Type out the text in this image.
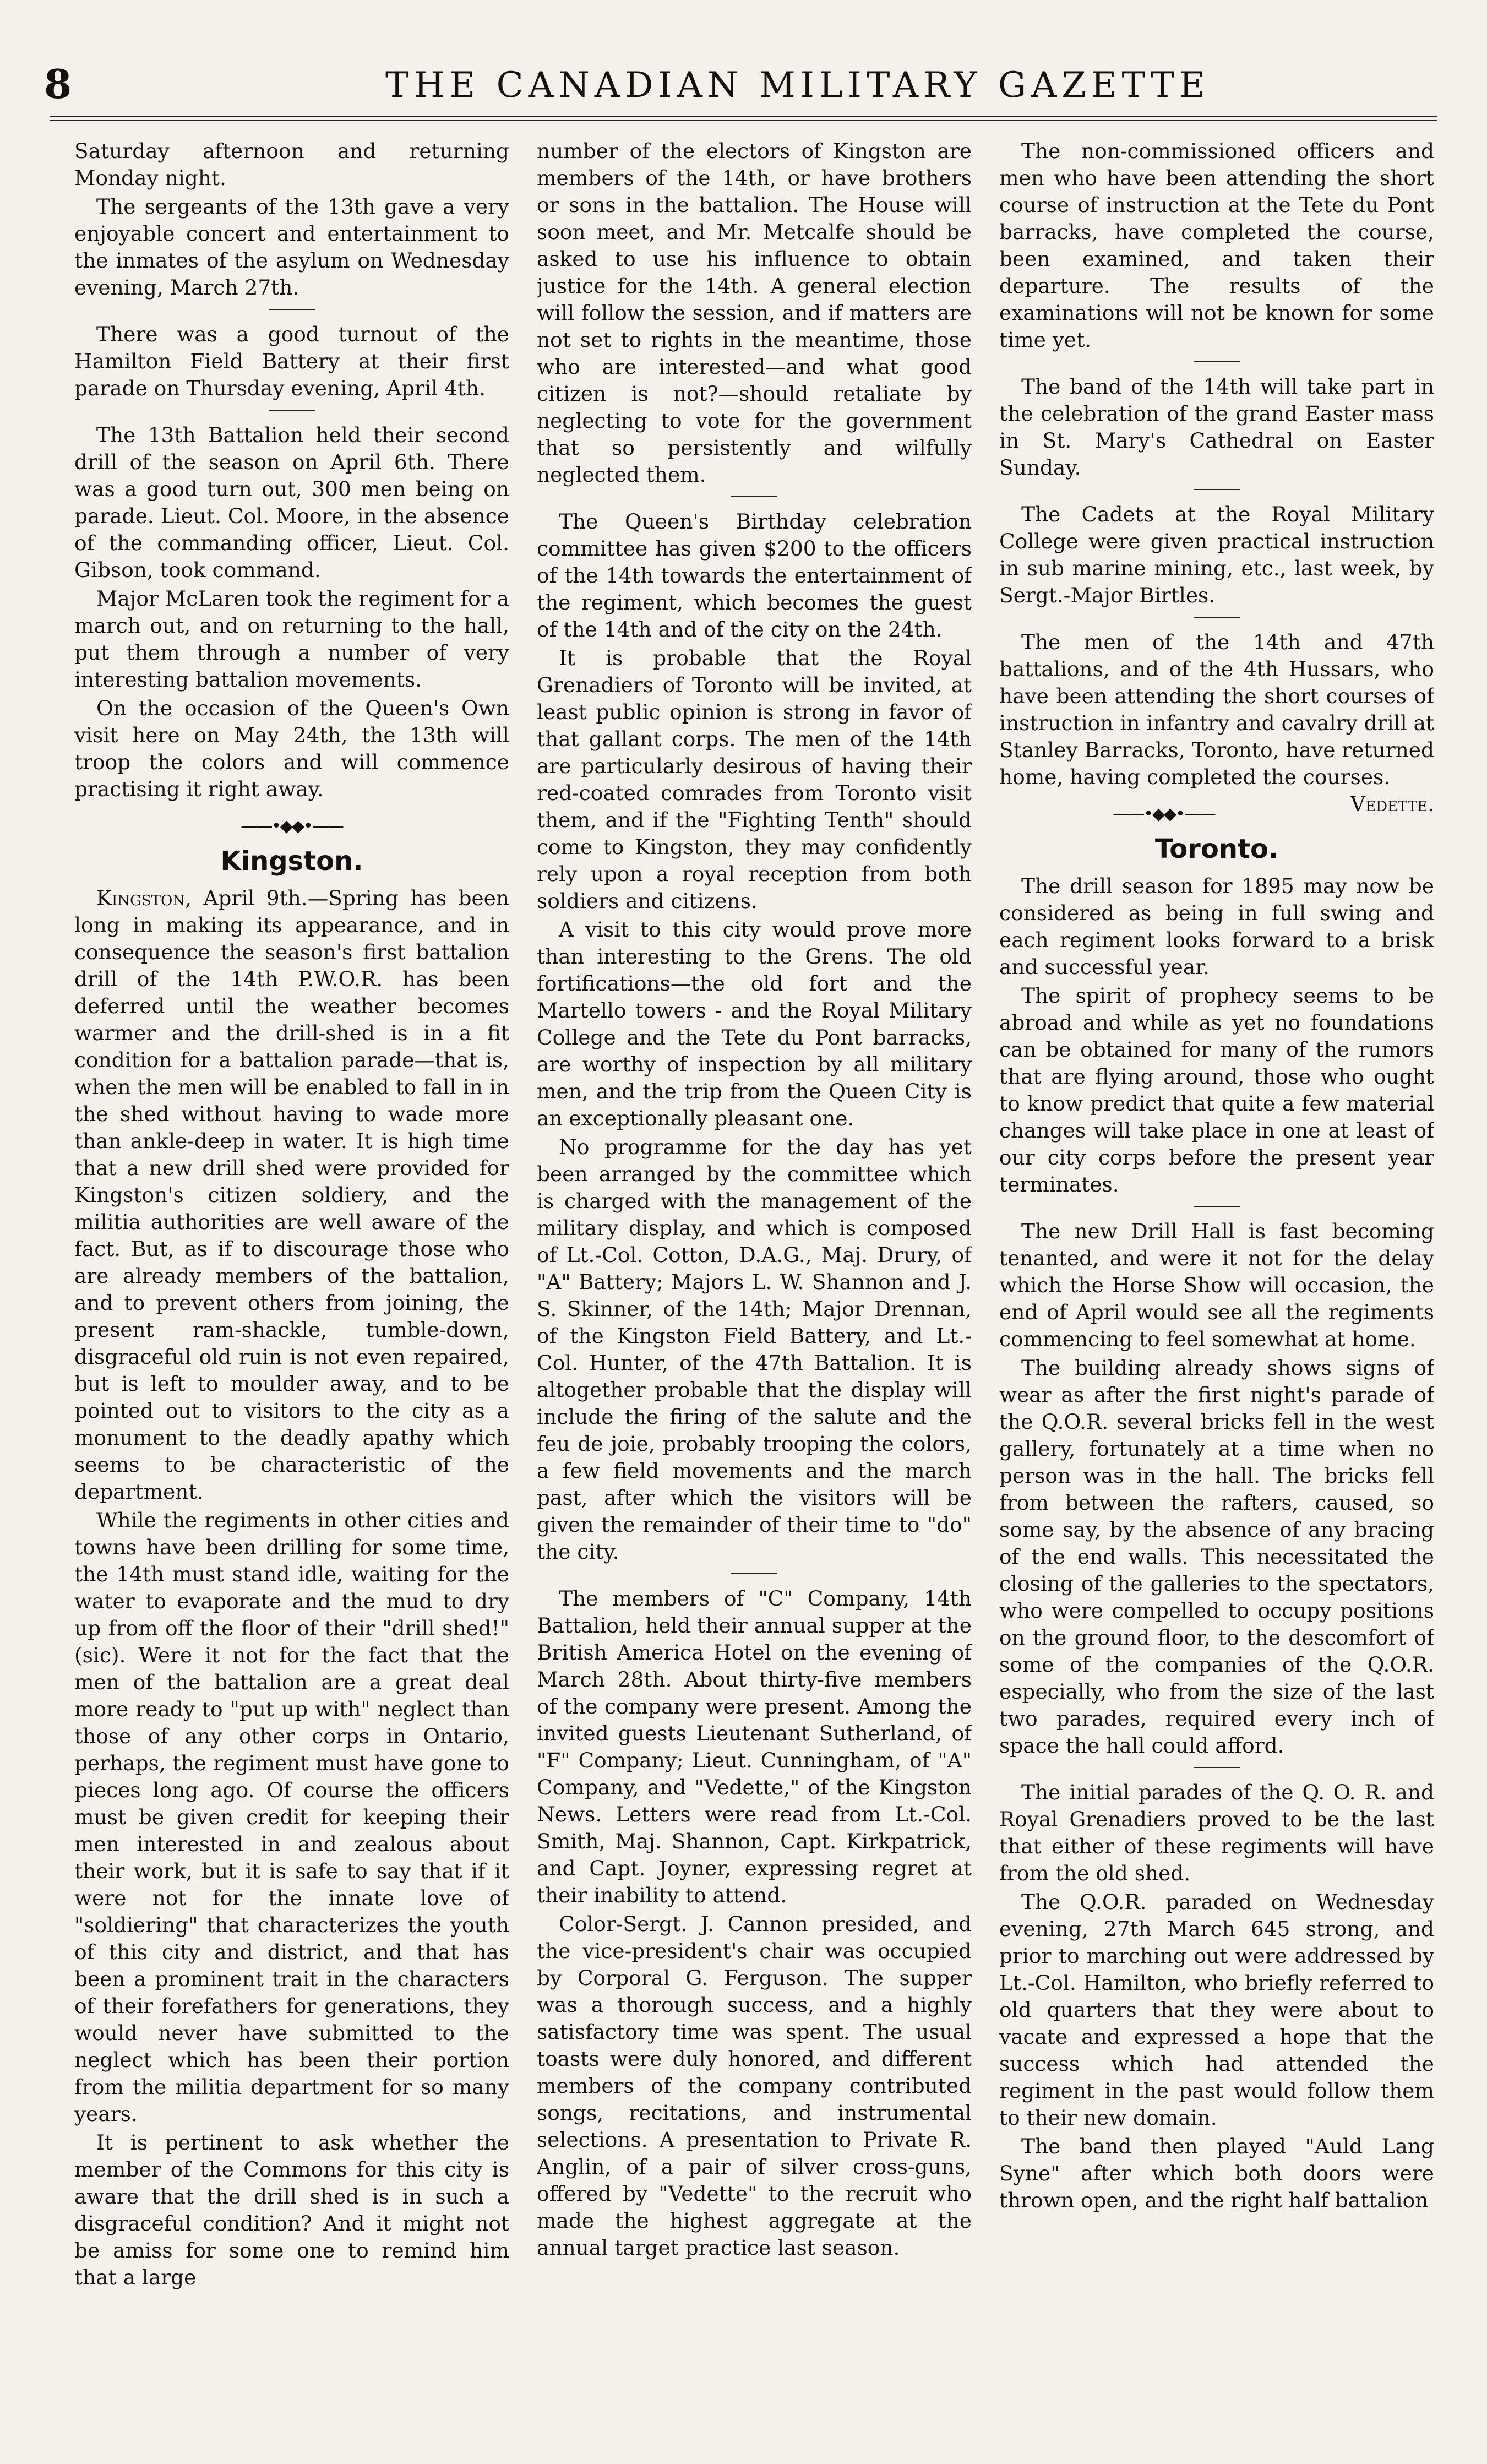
8	THE CANADIAN MILITARY GAZETTE

Saturday afternoon and returning Monday night.

The sergeants of the 13th gave a very enjoyable concert and entertainment to the inmates of the asylum on Wednesday evening, March 27th.

There was a good turnout of the Hamilton Field Battery at their first parade on Thursday evening, April 4th.

The 13th Battalion held their second drill of the season on April 6th. There was a good turn out, 300 men being on parade. Lieut. Col. Moore, in the absence of the commanding officer, Lieut. Col. Gibson, took command.

Major McLaren took the regiment for a march out, and on returning to the hall, put them through a number of very interesting battalion movements.

On the occasion of the Queen's Own visit here on May 24th, the 13th will troop the colors and will commence practising it right away.

——•◆◆•——
Kingston.

Kingston, April 9th.—Spring has been long in making its appearance, and in consequence the season's first battalion drill of the 14th P.W.O.R. has been deferred until the weather becomes warmer and the drill-shed is in a fit condition for a battalion parade—that is, when the men will be enabled to fall in in the shed without having to wade more than ankle-deep in water. It is high time that a new drill shed were provided for Kingston's citizen soldiery, and the militia authorities are well aware of the fact. But, as if to discourage those who are already members of the battalion, and to prevent others from joining, the present ram-shackle, tumble-down, disgraceful old ruin is not even repaired, but is left to moulder away, and to be pointed out to visitors to the city as a monument to the deadly apathy which seems to be characteristic of the department.

While the regiments in other cities and towns have been drilling for some time, the 14th must stand idle, waiting for the water to evaporate and the mud to dry up from off the floor of their "drill shed!" (sic). Were it not for the fact that the men of the battalion are a great deal more ready to "put up with" neglect than those of any other corps in Ontario, perhaps, the regiment must have gone to pieces long ago. Of course the officers must be given credit for keeping their men interested in and zealous about their work, but it is safe to say that if it were not for the innate love of "soldiering" that characterizes the youth of this city and district, and that has been a prominent trait in the characters of their forefathers for generations, they would never have submitted to the neglect which has been their portion from the militia department for so many years.

It is pertinent to ask whether the member of the Commons for this city is aware that the drill shed is in such a disgraceful condition? And it might not be amiss for some one to remind him that a large

number of the electors of Kingston are members of the 14th, or have brothers or sons in the battalion. The House will soon meet, and Mr. Metcalfe should be asked to use his influence to obtain justice for the 14th. A general election will follow the session, and if matters are not set to rights in the meantime, those who are interested—and what good citizen is not?—should retaliate by neglecting to vote for the government that so persistently and wilfully neglected them.

The Queen's Birthday celebration committee has given $200 to the officers of the 14th towards the entertainment of the regiment, which becomes the guest of the 14th and of the city on the 24th.

It is probable that the Royal Grenadiers of Toronto will be invited, at least public opinion is strong in favor of that gallant corps. The men of the 14th are particularly desirous of having their red-coated comrades from Toronto visit them, and if the "Fighting Tenth" should come to Kingston, they may confidently rely upon a royal reception from both soldiers and citizens.

A visit to this city would prove more than interesting to the Grens. The old fortifications—the old fort and the Martello towers - and the Royal Military College and the Tete du Pont barracks, are worthy of inspection by all military men, and the trip from the Queen City is an exceptionally pleasant one.

No programme for the day has yet been arranged by the committee which is charged with the management of the military display, and which is composed of Lt.-Col. Cotton, D.A.G., Maj. Drury, of "A" Battery; Majors L. W. Shannon and J. S. Skinner, of the 14th; Major Drennan, of the Kingston Field Battery, and Lt.-Col. Hunter, of the 47th Battalion. It is altogether probable that the display will include the firing of the salute and the feu de joie, probably trooping the colors, a few field movements and the march past, after which the visitors will be given the remainder of their time to "do" the city.

The members of "C" Company, 14th Battalion, held their annual supper at the British America Hotel on the evening of March 28th. About thirty-five members of the company were present. Among the invited guests Lieutenant Sutherland, of "F" Company; Lieut. Cunningham, of "A" Company, and "Vedette," of the Kingston News. Letters were read from Lt.-Col. Smith, Maj. Shannon, Capt. Kirkpatrick, and Capt. Joyner, expressing regret at their inability to attend.

Color-Sergt. J. Cannon presided, and the vice-president's chair was occupied by Corporal G. Ferguson. The supper was a thorough success, and a highly satisfactory time was spent. The usual toasts were duly honored, and different members of the company contributed songs, recitations, and instrumental selections. A presentation to Private R. Anglin, of a pair of silver cross-guns, offered by "Vedette" to the recruit who made the highest aggregate at the annual target practice last season.

The non-commissioned officers and men who have been attending the short course of instruction at the Tete du Pont barracks, have completed the course, been examined, and taken their departure. The results of the examinations will not be known for some time yet.

The band of the 14th will take part in the celebration of the grand Easter mass in St. Mary's Cathedral on Easter Sunday.

The Cadets at the Royal Military College were given practical instruction in sub marine mining, etc., last week, by Sergt.-Major Birtles.

The men of the 14th and 47th battalions, and of the 4th Hussars, who have been attending the short courses of instruction in infantry and cavalry drill at Stanley Barracks, Toronto, have returned home, having completed the courses.
Vedette.

——•◆◆•——
Toronto.

The drill season for 1895 may now be considered as being in full swing and each regiment looks forward to a brisk and successful year.

The spirit of prophecy seems to be abroad and while as yet no foundations can be obtained for many of the rumors that are flying around, those who ought to know predict that quite a few material changes will take place in one at least of our city corps before the present year terminates.

The new Drill Hall is fast becoming tenanted, and were it not for the delay which the Horse Show will occasion, the end of April would see all the regiments commencing to feel somewhat at home.

The building already shows signs of wear as after the first night's parade of the Q.O.R. several bricks fell in the west gallery, fortunately at a time when no person was in the hall. The bricks fell from between the rafters, caused, so some say, by the absence of any bracing of the end walls. This necessitated the closing of the galleries to the spectators, who were compelled to occupy positions on the ground floor, to the descomfort of some of the companies of the Q.O.R. especially, who from the size of the last two parades, required every inch of space the hall could afford.

The initial parades of the Q. O. R. and Royal Grenadiers proved to be the last that either of these regiments will have from the old shed.

The Q.O.R. paraded on Wednesday evening, 27th March 645 strong, and prior to marching out were addressed by Lt.-Col. Hamilton, who briefly referred to old quarters that they were about to vacate and expressed a hope that the success which had attended the regiment in the past would follow them to their new domain.

The band then played "Auld Lang Syne" after which both doors were thrown open, and the right half battalion
